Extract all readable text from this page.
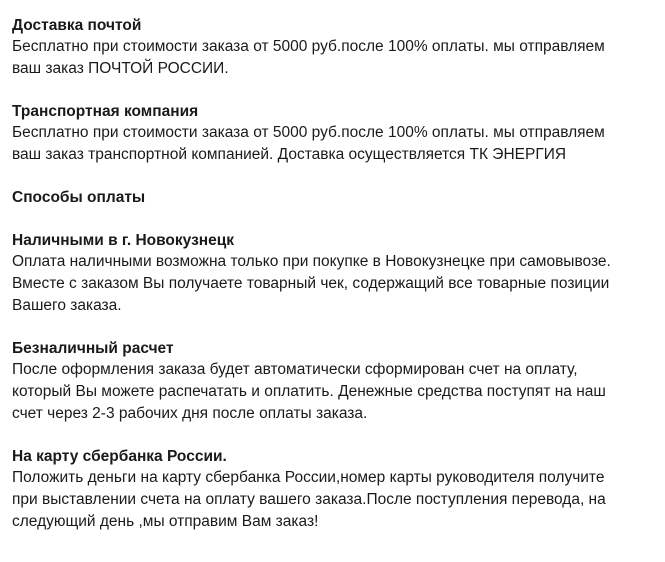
Доставка почтой
Бесплатно при стоимости заказа от 5000 руб.после 100% оплаты. мы отправляем
ваш заказ ПОЧТОЙ РОССИИ.
Транспортная компания
Бесплатно при стоимости заказа от 5000 руб.после 100% оплаты. мы отправляем
ваш заказ транспортной компанией. Доставка осуществляется ТК ЭНЕРГИЯ
Способы оплаты
Наличными в г. Новокузнецк
Оплата наличными возможна только при покупке в Новокузнецке при самовывозе.
Вместе с заказом Вы получаете товарный чек, содержащий все товарные позиции
Вашего заказа.
Безналичный расчет
После оформления заказа будет автоматически сформирован счет на оплату,
который Вы можете распечатать и оплатить. Денежные средства поступят на наш
счет через 2-3 рабочих дня после оплаты заказа.
На карту сбербанка России.
Положить деньги на карту сбербанка России,номер карты руководителя получите
при выставлении счета на оплату вашего заказа.После поступления перевода, на
следующий день ,мы отправим Вам заказ!
